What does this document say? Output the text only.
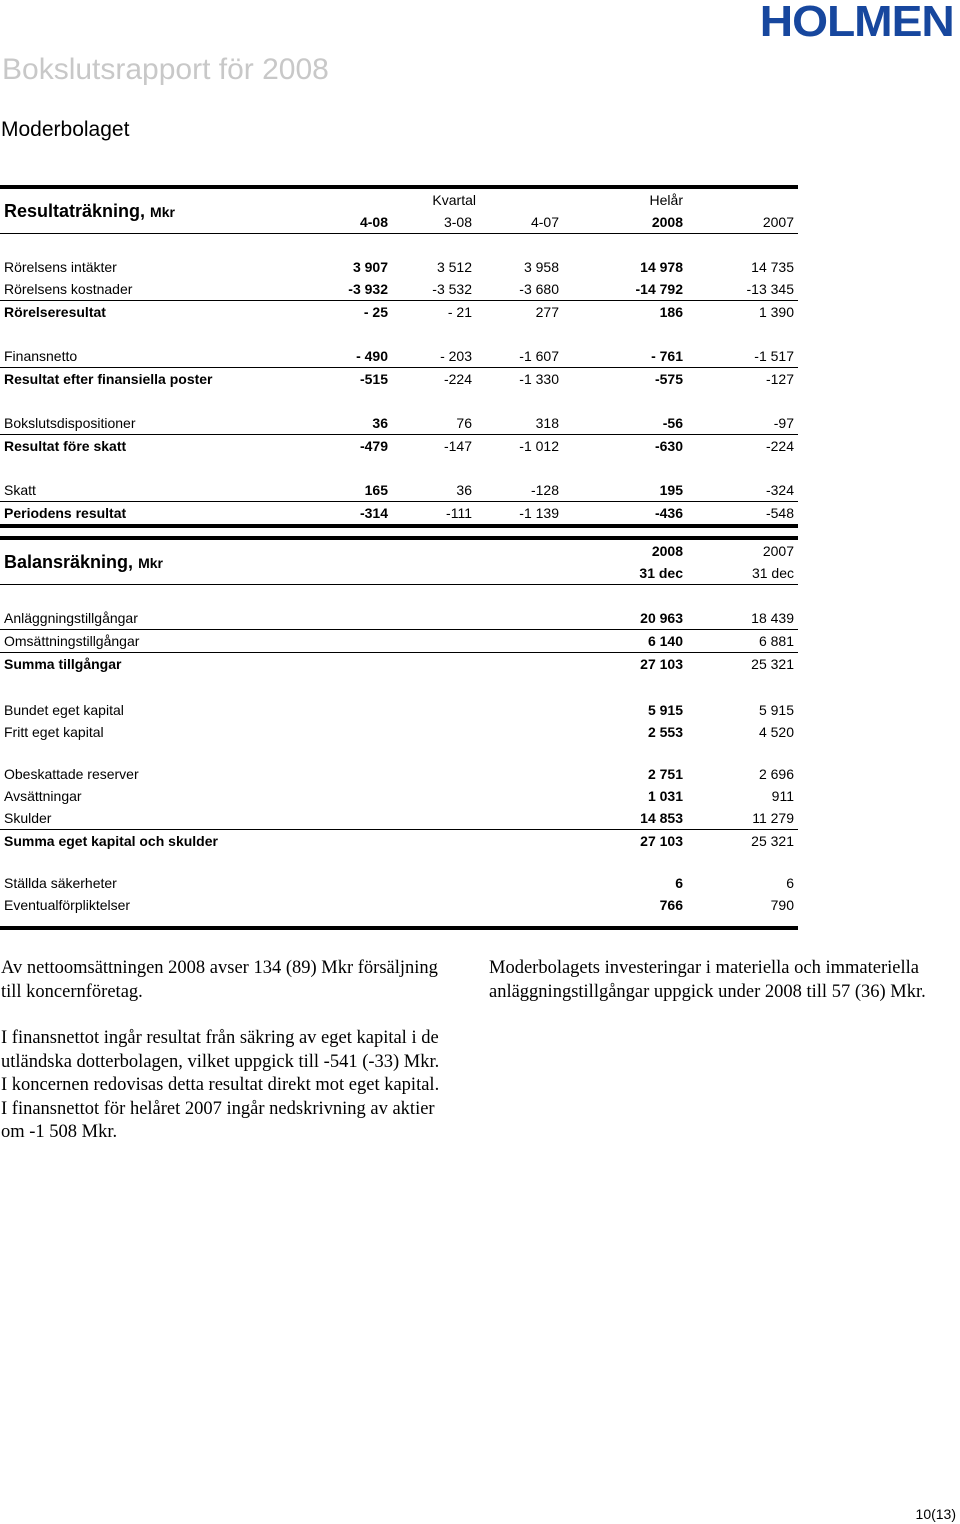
HOLMEN
Bokslutsrapport för 2008
Moderbolaget
Resultaträkning, Mkr		Kvartal		Helår	
	4-08	3-08	4-07	2008	2007

Rörelsens intäkter	3 907	3 512	3 958	14 978	14 735
Rörelsens kostnader	-3 932	-3 532	-3 680	-14 792	-13 345
Rörelseresultat	- 25	- 21	277	186	1 390

Finansnetto	- 490	- 203	-1 607	- 761	-1 517
Resultat efter finansiella poster	-515	-224	-1 330	-575	-127

Bokslutsdispositioner	36	76	318	-56	-97
Resultat före skatt	-479	-147	-1 012	-630	-224

Skatt	165	36	-128	195	-324
Periodens resultat	-314	-111	-1 139	-436	-548

Balansräkning, Mkr	2008	2007
	31 dec	31 dec

Anläggningstillgångar	20 963	18 439
Omsättningstillgångar	6 140	6 881
Summa tillgångar	27 103	25 321

Bundet eget kapital	5 915	5 915
Fritt eget kapital	2 553	4 520

Obeskattade reserver	2 751	2 696
Avsättningar	1 031	911
Skulder	14 853	11 279
Summa eget kapital och skulder	27 103	25 321

Ställda säkerheter	6	6
Eventualförpliktelser	766	790

Av nettoomsättningen 2008 avser 134 (89) Mkr försäljning till koncernföretag.

I finansnettot ingår resultat från säkring av eget kapital i de utländska dotterbolagen, vilket uppgick till -541 (-33) Mkr. I koncernen redovisas detta resultat direkt mot eget kapital. I finansnettot för helåret 2007 ingår nedskrivning av aktier om -1 508 Mkr.

Moderbolagets investeringar i materiella och immateriella anläggningstillgångar uppgick under 2008 till 57 (36) Mkr.

10(13)
